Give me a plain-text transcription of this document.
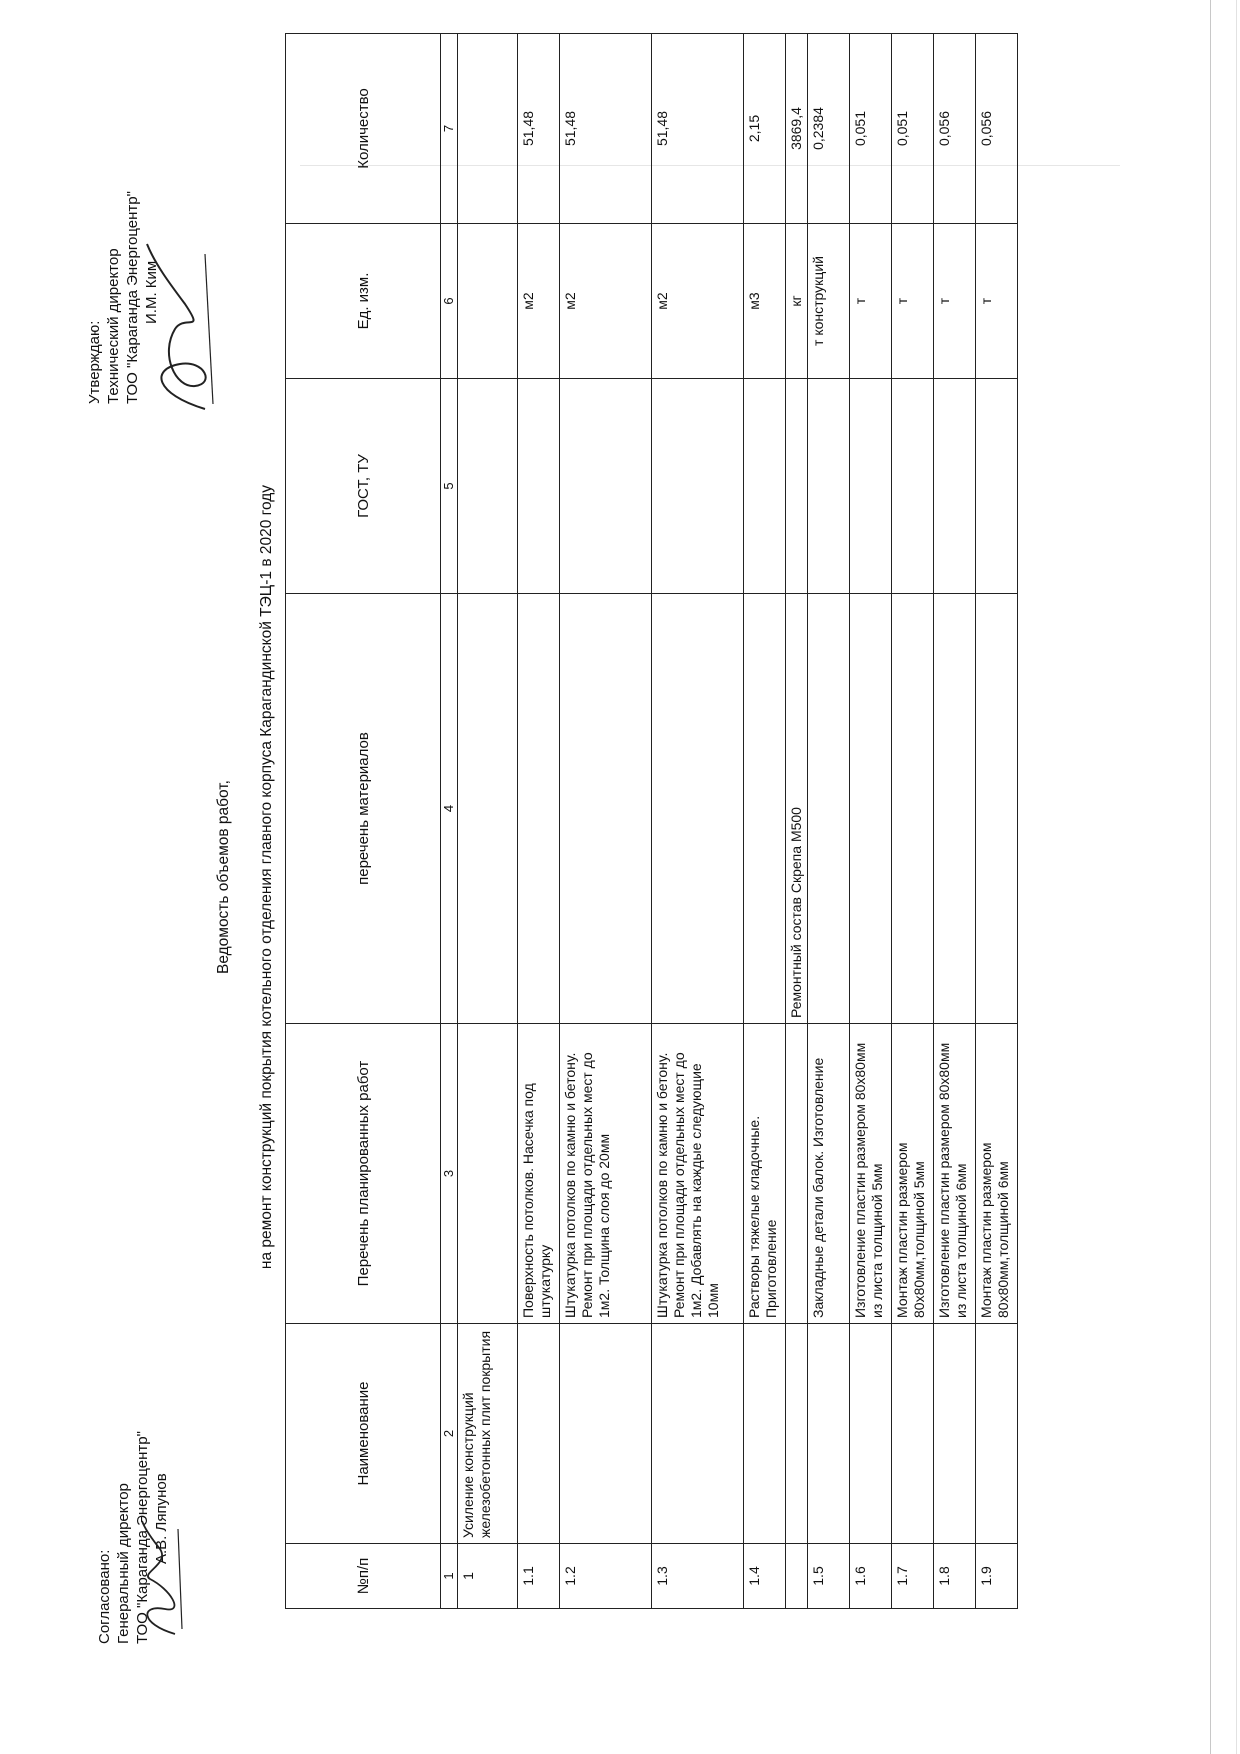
Утверждаю: Технический директор ТОО "Караганда Энергоцентр" И.М. Ким
Согласовано: Генеральный директор ТОО "Караганда Энергоцентр" А.В. Ляпунов
Ведомость объемов работ, на ремонт конструкций покрытия котельного отделения главного корпуса Карагандинской ТЭЦ-1 в 2020 году
№п/п	Наименование	Перечень планированных работ	перечень материалов	ГОСТ, ТУ	Ед. изм.	Количество
1	2	3	4	5	6	7
1	Усиление конструкций железобетонных плит покрытия					
1.1		Поверхность потолков. Насечка под штукатурку			м2	51,48
1.2		Штукатурка потолков по камню и бетону. Ремонт при площади отдельных мест до 1м2. Толщина слоя до 20мм			м2	51,48
1.3		Штукатурка потолков по камню и бетону. Ремонт при площади отдельных мест до 1м2. Добавлять на каждые следующие 10мм			м2	51,48
1.4		Растворы тяжелые кладочные. Приготовление			м3	2,15
			Ремонтный состав Скрепа М500		кг	3869,4
1.5		Закладные детали балок. Изготовление			т конструкций	0,2384
1.6		Изготовление пластин размером 80x80мм из листа толщиной 5мм			т	0,051
1.7		Монтаж пластин размером 80x80мм,толщиной 5мм			т	0,051
1.8		Изготовление пластин размером 80x80мм из листа толщиной 6мм			т	0,056
1.9		Монтаж пластин размером 80x80мм,толщиной 6мм			т	0,056
